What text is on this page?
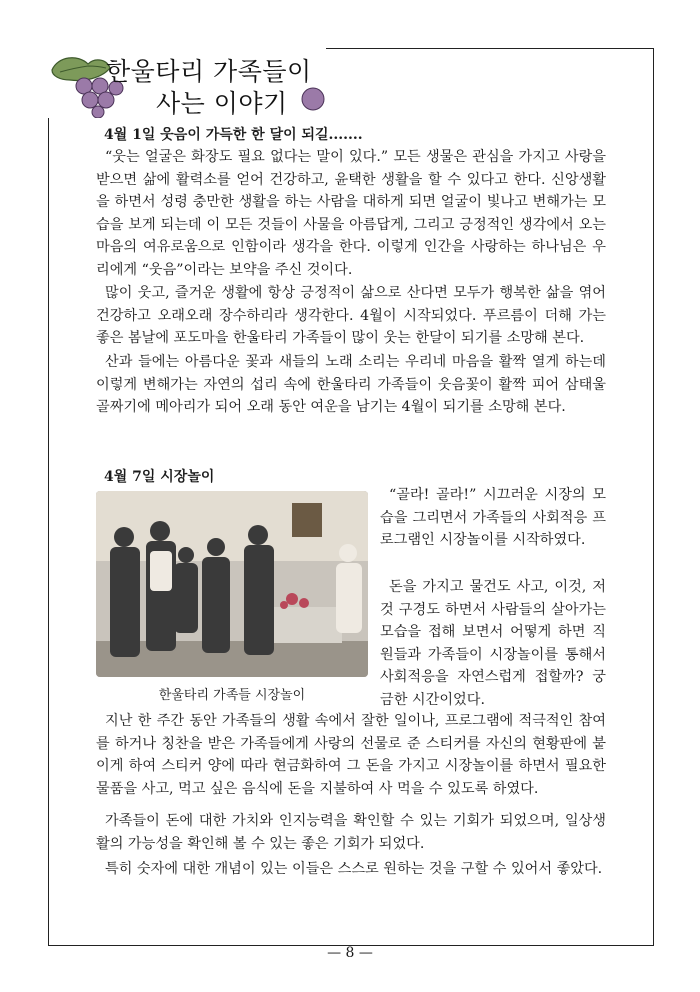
한울타리 가족들이
사는 이야기
4월 1일 웃음이 가득한 한 달이 되길.......

“웃는 얼굴은 화장도 필요 없다는 말이 있다.” 모든 생물은 관심을 가지고 사랑을 받으면 삶에 활력소를 얻어 건강하고, 윤택한 생활을 할 수 있다고 한다. 신앙생활을 하면서 성령 충만한 생활을 하는 사람을 대하게 되면 얼굴이 빛나고 변해가는 모습을 보게 되는데 이 모든 것들이 사물을 아름답게, 그리고 긍정적인 생각에서 오는 마음의 여유로움으로 인함이라 생각을 한다. 이렇게 인간을 사랑하는 하나님은 우리에게 “웃음”이라는 보약을 주신 것이다.

많이 웃고, 즐거운 생활에 항상 긍정적이 삶으로 산다면 모두가 행복한 삶을 엮어 건강하고 오래오래 장수하리라 생각한다. 4월이 시작되었다. 푸르름이 더해 가는 좋은 봄날에 포도마을 한울타리 가족들이 많이 웃는 한달이 되기를 소망해 본다.

산과 들에는 아름다운 꽃과 새들의 노래 소리는 우리네 마음을 활짝 열게 하는데 이렇게 변해가는 자연의 섭리 속에 한울타리 가족들이 웃음꽃이 활짝 피어 삼태울골짜기에 메아리가 되어 오래 동안 여운을 남기는 4월이 되기를 소망해 본다.

4월 7일 시장놀이
한울타리 가족들 시장놀이

“골라! 골라!” 시끄러운 시장의 모습을 그리면서 가족들의 사회적응 프로그램인 시장놀이를 시작하였다.

돈을 가지고 물건도 사고, 이것, 저것 구경도 하면서 사람들의 살아가는 모습을 접해 보면서 어떻게 하면 직원들과 가족들이 시장놀이를 통해서 사회적응을 자연스럽게 접할까? 궁금한 시간이었다.

지난 한 주간 동안 가족들의 생활 속에서 잘한 일이나, 프로그램에 적극적인 참여를 하거나 칭찬을 받은 가족들에게 사랑의 선물로 준 스티커를 자신의 현황판에 붙이게 하여 스티커 양에 따라 현금화하여 그 돈을 가지고 시장놀이를 하면서 필요한 물품을 사고, 먹고 싶은 음식에 돈을 지불하여 사 먹을 수 있도록 하였다.

가족들이 돈에 대한 가치와 인지능력을 확인할 수 있는 기회가 되었으며, 일상생활의 가능성을 확인해 볼 수 있는 좋은 기회가 되었다.

특히 숫자에 대한 개념이 있는 이들은 스스로 원하는 것을 구할 수 있어서 좋았다.

— 8 —
